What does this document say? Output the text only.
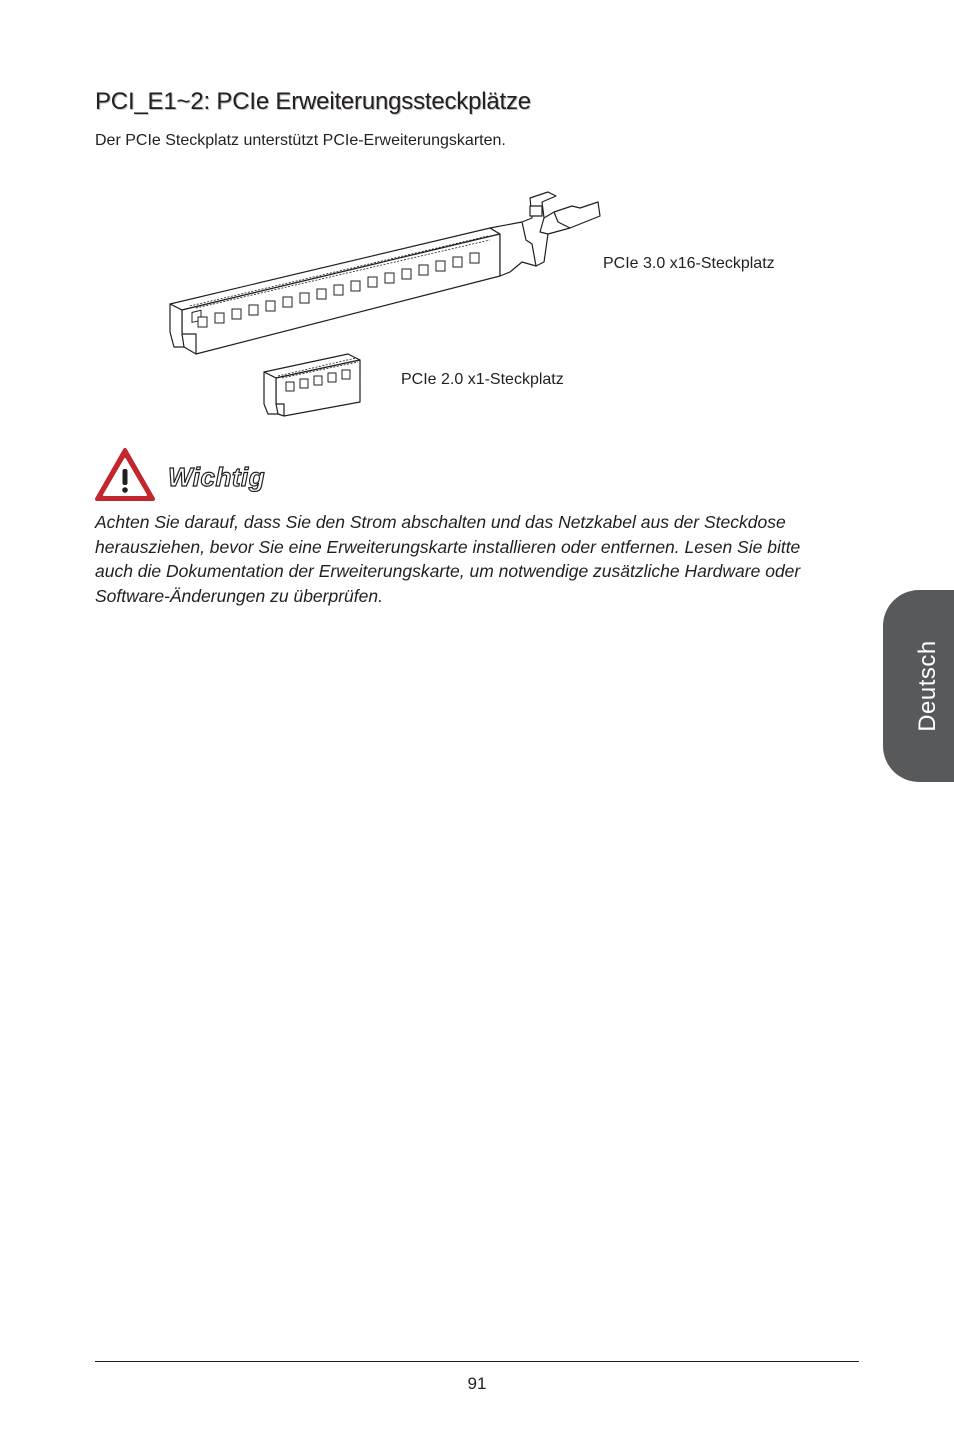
PCI_E1~2: PCIe Erweiterungssteckplätze

Der PCIe Steckplatz unterstützt PCIe-Erweiterungskarten.

PCIe 3.0 x16-Steckplatz
PCIe 2.0 x1-Steckplatz
Wichtig

Achten Sie darauf, dass Sie den Strom abschalten und das Netzkabel aus der Steckdose herausziehen, bevor Sie eine Erweiterungskarte installieren oder entfernen. Lesen Sie bitte auch die Dokumentation der Erweiterungskarte, um notwendige zusätzliche Hardware oder Software-Änderungen zu überprüfen.

Deutsch
91
